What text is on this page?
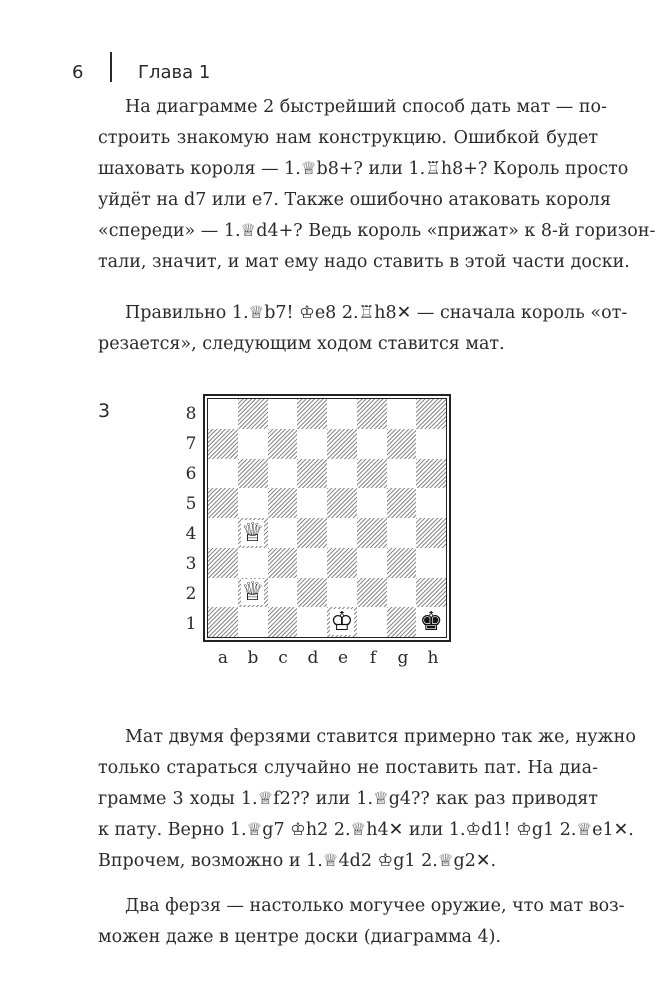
6	Глава 1
На диаграмме 2 быстрейший способ дать мат — по-
строить знакомую нам конструкцию. Ошибкой будет
шаховать короля — 1.♕b8+? или 1.♖h8+? Король просто
уйдёт на d7 или e7. Также ошибочно атаковать короля
«спереди» — 1.♕d4+? Ведь король «прижат» к 8-й горизон-
тали, значит, и мат ему надо ставить в этой части доски.
Правильно 1.♕b7! ♔e8 2.♖h8✕ — сначала король «от-
резается», следующим ходом ставится мат.
3	8
7
6
5
4
3
2
1
♕
♕
♔	♚
a	b	c	d	e	f	g	h
Мат двумя ферзями ставится примерно так же, нужно
только стараться случайно не поставить пат. На диа-
грамме 3 ходы 1.♕f2?? или 1.♕g4?? как раз приводят
к пату. Верно 1.♕g7 ♔h2 2.♕h4✕ или 1.♔d1! ♔g1 2.♕e1✕.
Впрочем, возможно и 1.♕4d2 ♔g1 2.♕g2✕.
Два ферзя — настолько могучее оружие, что мат воз-
можен даже в центре доски (диаграмма 4).
